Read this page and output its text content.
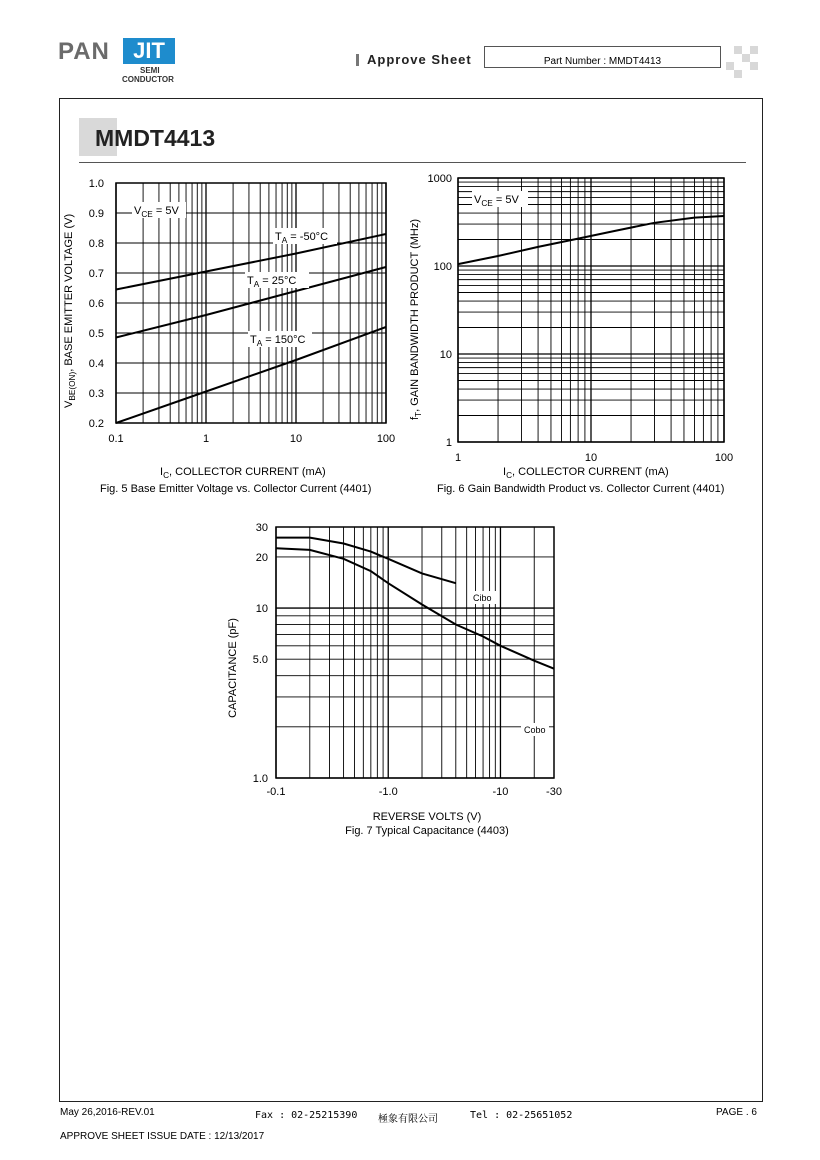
PAN	JIT
SEMI
CONDUCTOR
Approve Sheet	Part Number : MMDT4413
MMDT4413
0.2
0.3
0.4
0.5
0.6
0.7
0.8
0.9
1.0
0.1	1	10	100
$T_A = -50^\circ C$
$T_A = 25^\circ C$
$T_A = 150^\circ C$
$V_{CE} = 5V$
$V_{BE(ON)}$, BASE EMITTER VOLTAGE (V)
$I_C$, COLLECTOR CURRENT (mA)
Fig. 5 Base Emitter Voltage vs. Collector Current (4401)
1
10
100
1000
1	10	100
$V_{CE} = 5V$
$f_T$, GAIN BANDWIDTH PRODUCT (MHz)
$I_C$, COLLECTOR CURRENT (mA)
Fig. 6 Gain Bandwidth Product vs. Collector Current (4401)
1.0
5.0
10
20
30
-0.1	-1.0	-10	-30
Cibo
Cobo
CAPACITANCE (pF)
REVERSE VOLTS (V)
Fig. 7 Typical Capacitance (4403)
May 26,2016-REV.01	Fax : 02-25215390 極象有限公司	Tel : 02-25651052	PAGE . 6
APPROVE SHEET ISSUE DATE : 12/13/2017
